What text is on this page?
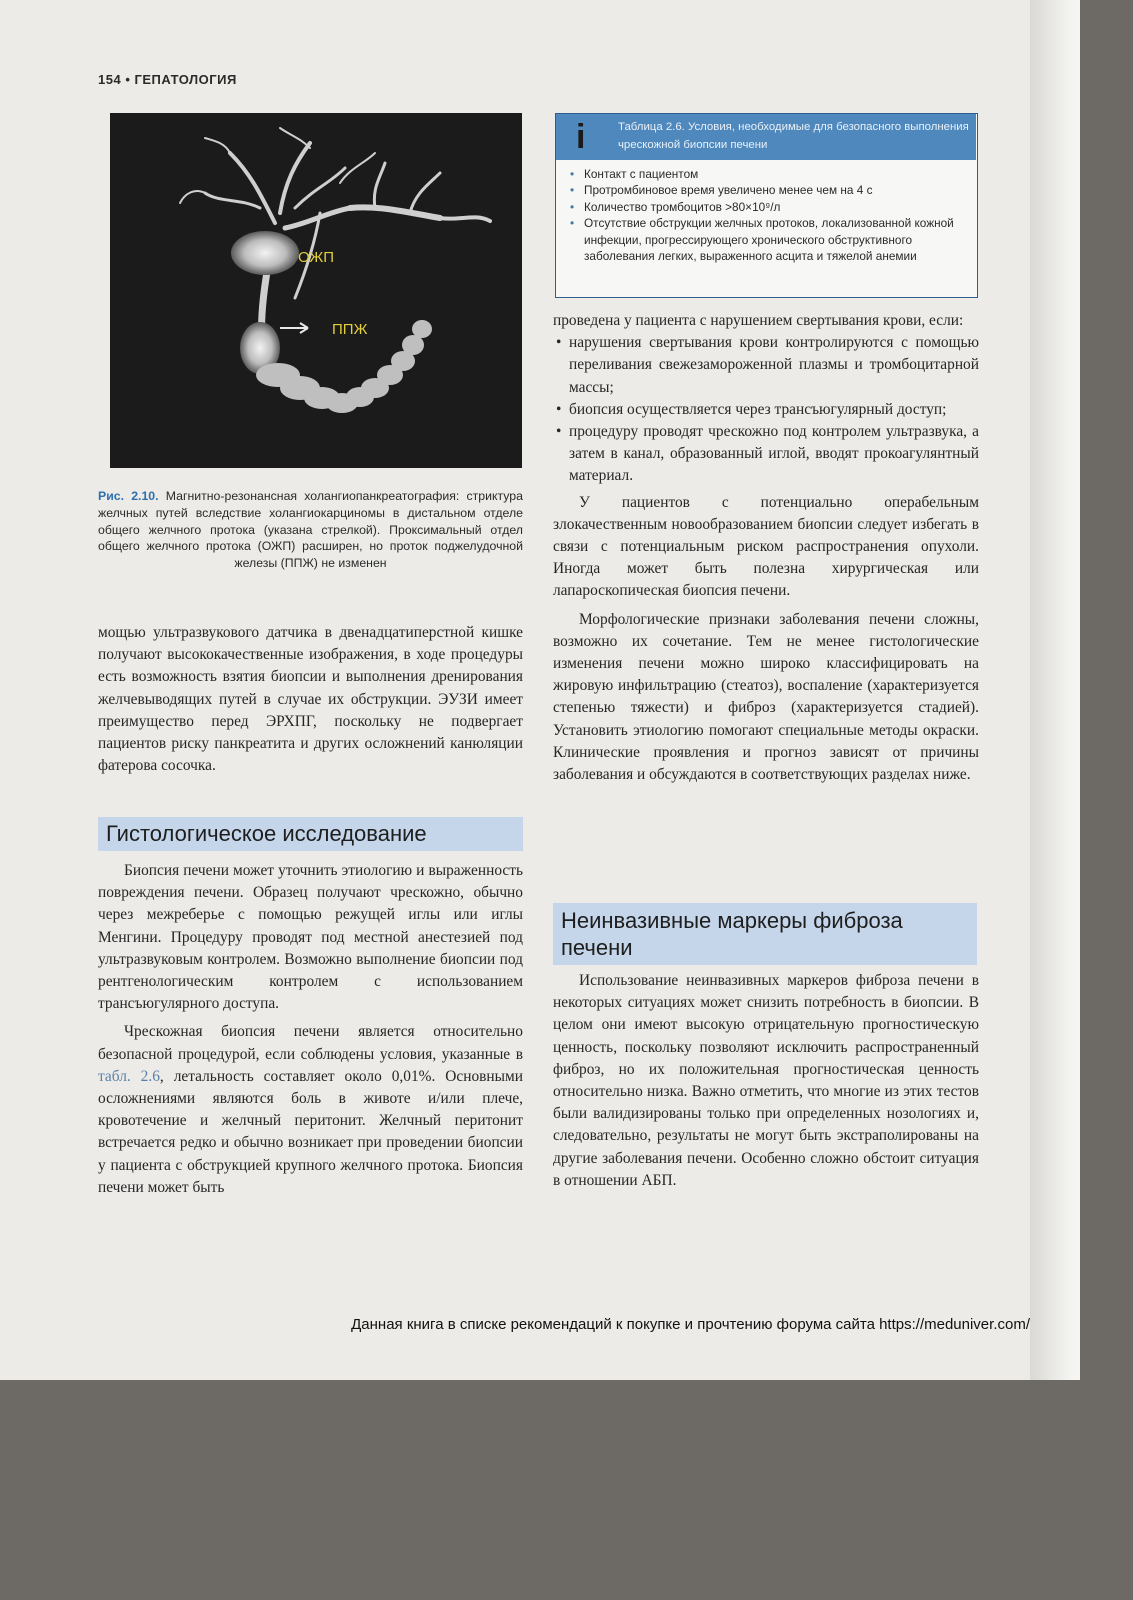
154 • ГЕПАТОЛОГИЯ
ОЖП
ППЖ
Рис. 2.10. Магнитно-резонансная холангиопанкреатография: стриктура желчных путей вследствие холангиокарциномы в дистальном отделе общего желчного протока (указана стрелкой). Проксимальный отдел общего желчного протока (ОЖП) расширен, но проток поджелудочной железы (ППЖ) не изменен

мощью ультразвукового датчика в двенадцатиперстной кишке получают высококачественные изображения, в ходе процедуры есть возможность взятия биопсии и выполнения дренирования желчевыводящих путей в случае их обструкции. ЭУЗИ имеет преимущество перед ЭРХПГ, поскольку не подвергает пациентов риску панкреатита и других осложнений канюляции фатерова сосочка.

Гистологическое исследование

Биопсия печени может уточнить этиологию и выраженность повреждения печени. Образец получают чрескожно, обычно через межреберье с помощью режущей иглы или иглы Менгини. Процедуру проводят под местной анестезией под ультразвуковым контролем. Возможно выполнение биопсии под рентгенологическим контролем с использованием трансъюгулярного доступа.

Чрескожная биопсия печени является относительно безопасной процедурой, если соблюдены условия, указанные в табл. 2.6, летальность составляет около 0,01%. Основными осложнениями являются боль в животе и/или плече, кровотечение и желчный перитонит. Желчный перитонит встречается редко и обычно возникает при проведении биопсии у пациента с обструкцией крупного желчного протока. Биопсия печени может быть

i	Таблица 2.6. Условия, необходимые для безопасного выполнения чрескожной биопсии печени
• Контакт с пациентом
• Протромбиновое время увеличено менее чем на 4 с
• Количество тромбоцитов >80×10⁹/л
• Отсутствие обструкции желчных протоков, локализованной кожной инфекции, прогрессирующего хронического обструктивного заболевания легких, выраженного асцита и тяжелой анемии

проведена у пациента с нарушением свертывания крови, если:

• нарушения свертывания крови контролируются с помощью переливания свежезамороженной плазмы и тромбоцитарной массы;
• биопсия осуществляется через трансъюгулярный доступ;
• процедуру проводят чрескожно под контролем ультразвука, а затем в канал, образованный иглой, вводят прокоагулянтный материал.

У пациентов с потенциально операбельным злокачественным новообразованием биопсии следует избегать в связи с потенциальным риском распространения опухоли. Иногда может быть полезна хирургическая или лапароскопическая биопсия печени.

Морфологические признаки заболевания печени сложны, возможно их сочетание. Тем не менее гистологические изменения печени можно широко классифицировать на жировую инфильтрацию (стеатоз), воспаление (характеризуется степенью тяжести) и фиброз (характеризуется стадией). Установить этиологию помогают специальные методы окраски. Клинические проявления и прогноз зависят от причины заболевания и обсуждаются в соответствующих разделах ниже.

Неинвазивные маркеры фиброза печени

Использование неинвазивных маркеров фиброза печени в некоторых ситуациях может снизить потребность в биопсии. В целом они имеют высокую отрицательную прогностическую ценность, поскольку позволяют исключить распространенный фиброз, но их положительная прогностическая ценность относительно низка. Важно отметить, что многие из этих тестов были валидизированы только при определенных нозологиях и, следовательно, результаты не могут быть экстраполированы на другие заболевания печени. Особенно сложно обстоит ситуация в отношении АБП.

Данная книга в списке рекомендаций к покупке и прочтению форума сайта https://meduniver.com/
